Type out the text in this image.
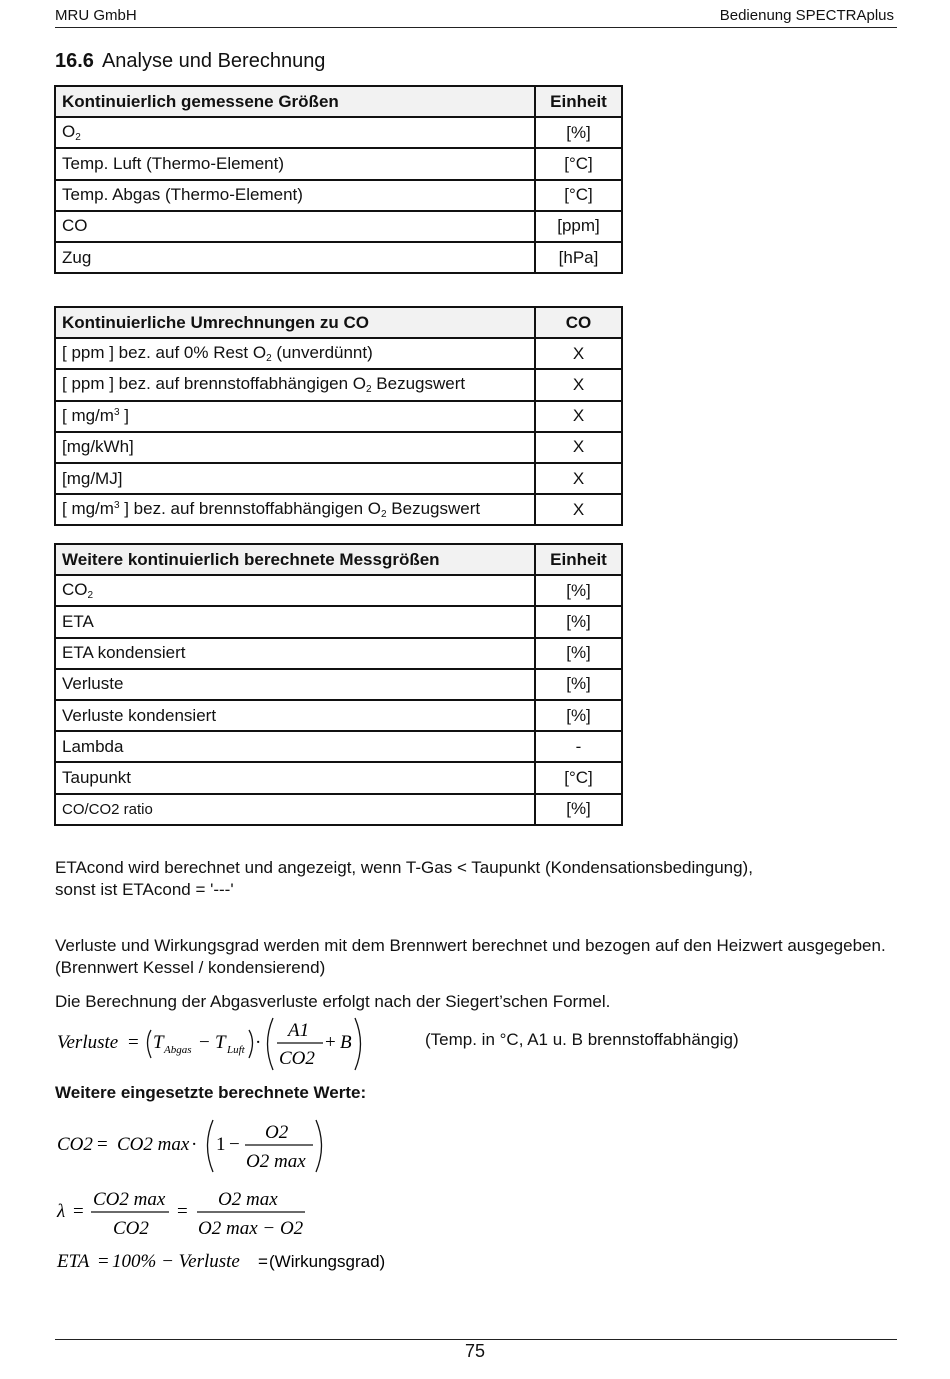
MRU GmbH	Bedienung SPECTRAplus
16.6 Analyse und Berechnung
Kontinuierlich gemessene Größen	Einheit
$O_2$	[%]
Temp. Luft (Thermo-Element)	[°C]
Temp. Abgas (Thermo-Element)	[°C]
CO	[ppm]
Zug	[hPa]
Kontinuierliche Umrechnungen zu CO	CO
[ ppm ] bez. auf 0% Rest $O_2$ (unverdünnt)	X
[ ppm ] bez. auf brennstoffabhängigen $O_2$ Bezugswert	X
[ $mg/m^3$ ]	X
[mg/kWh]	X
[mg/MJ]	X
[ $mg/m^3$ ] bez. auf brennstoffabhängigen $O_2$ Bezugswert	X
Weitere kontinuierlich berechnete Messgrößen	Einheit
$CO_2$	[%]
ETA	[%]
ETA kondensiert	[%]
Verluste	[%]
Verluste kondensiert	[%]
Lambda	-
Taupunkt	[°C]
CO/CO2 ratio	[%]
ETAcond wird berechnet und angezeigt, wenn T-Gas < Taupunkt (Kondensationsbedingung),
sonst ist ETAcond = '---'
Verluste und Wirkungsgrad werden mit dem Brennwert berechnet und bezogen auf den Heizwert ausgegeben.
(Brennwert Kessel / kondensierend)
Die Berechnung der Abgasverluste erfolgt nach der Siegert’schen Formel.
Verluste = T Abgas − T Luft ·
A1
CO2
+ B	(Temp. in °C, A1 u. B brennstoffabhängig)
Weitere eingesetzte berechnete Werte:
CO2 = CO2 max · 1 −
O2
O2 max
λ =
CO2 max
CO2
=
O2 max
O2 max − O2
ETA = 100% − Verluste = (Wirkungsgrad)
75
